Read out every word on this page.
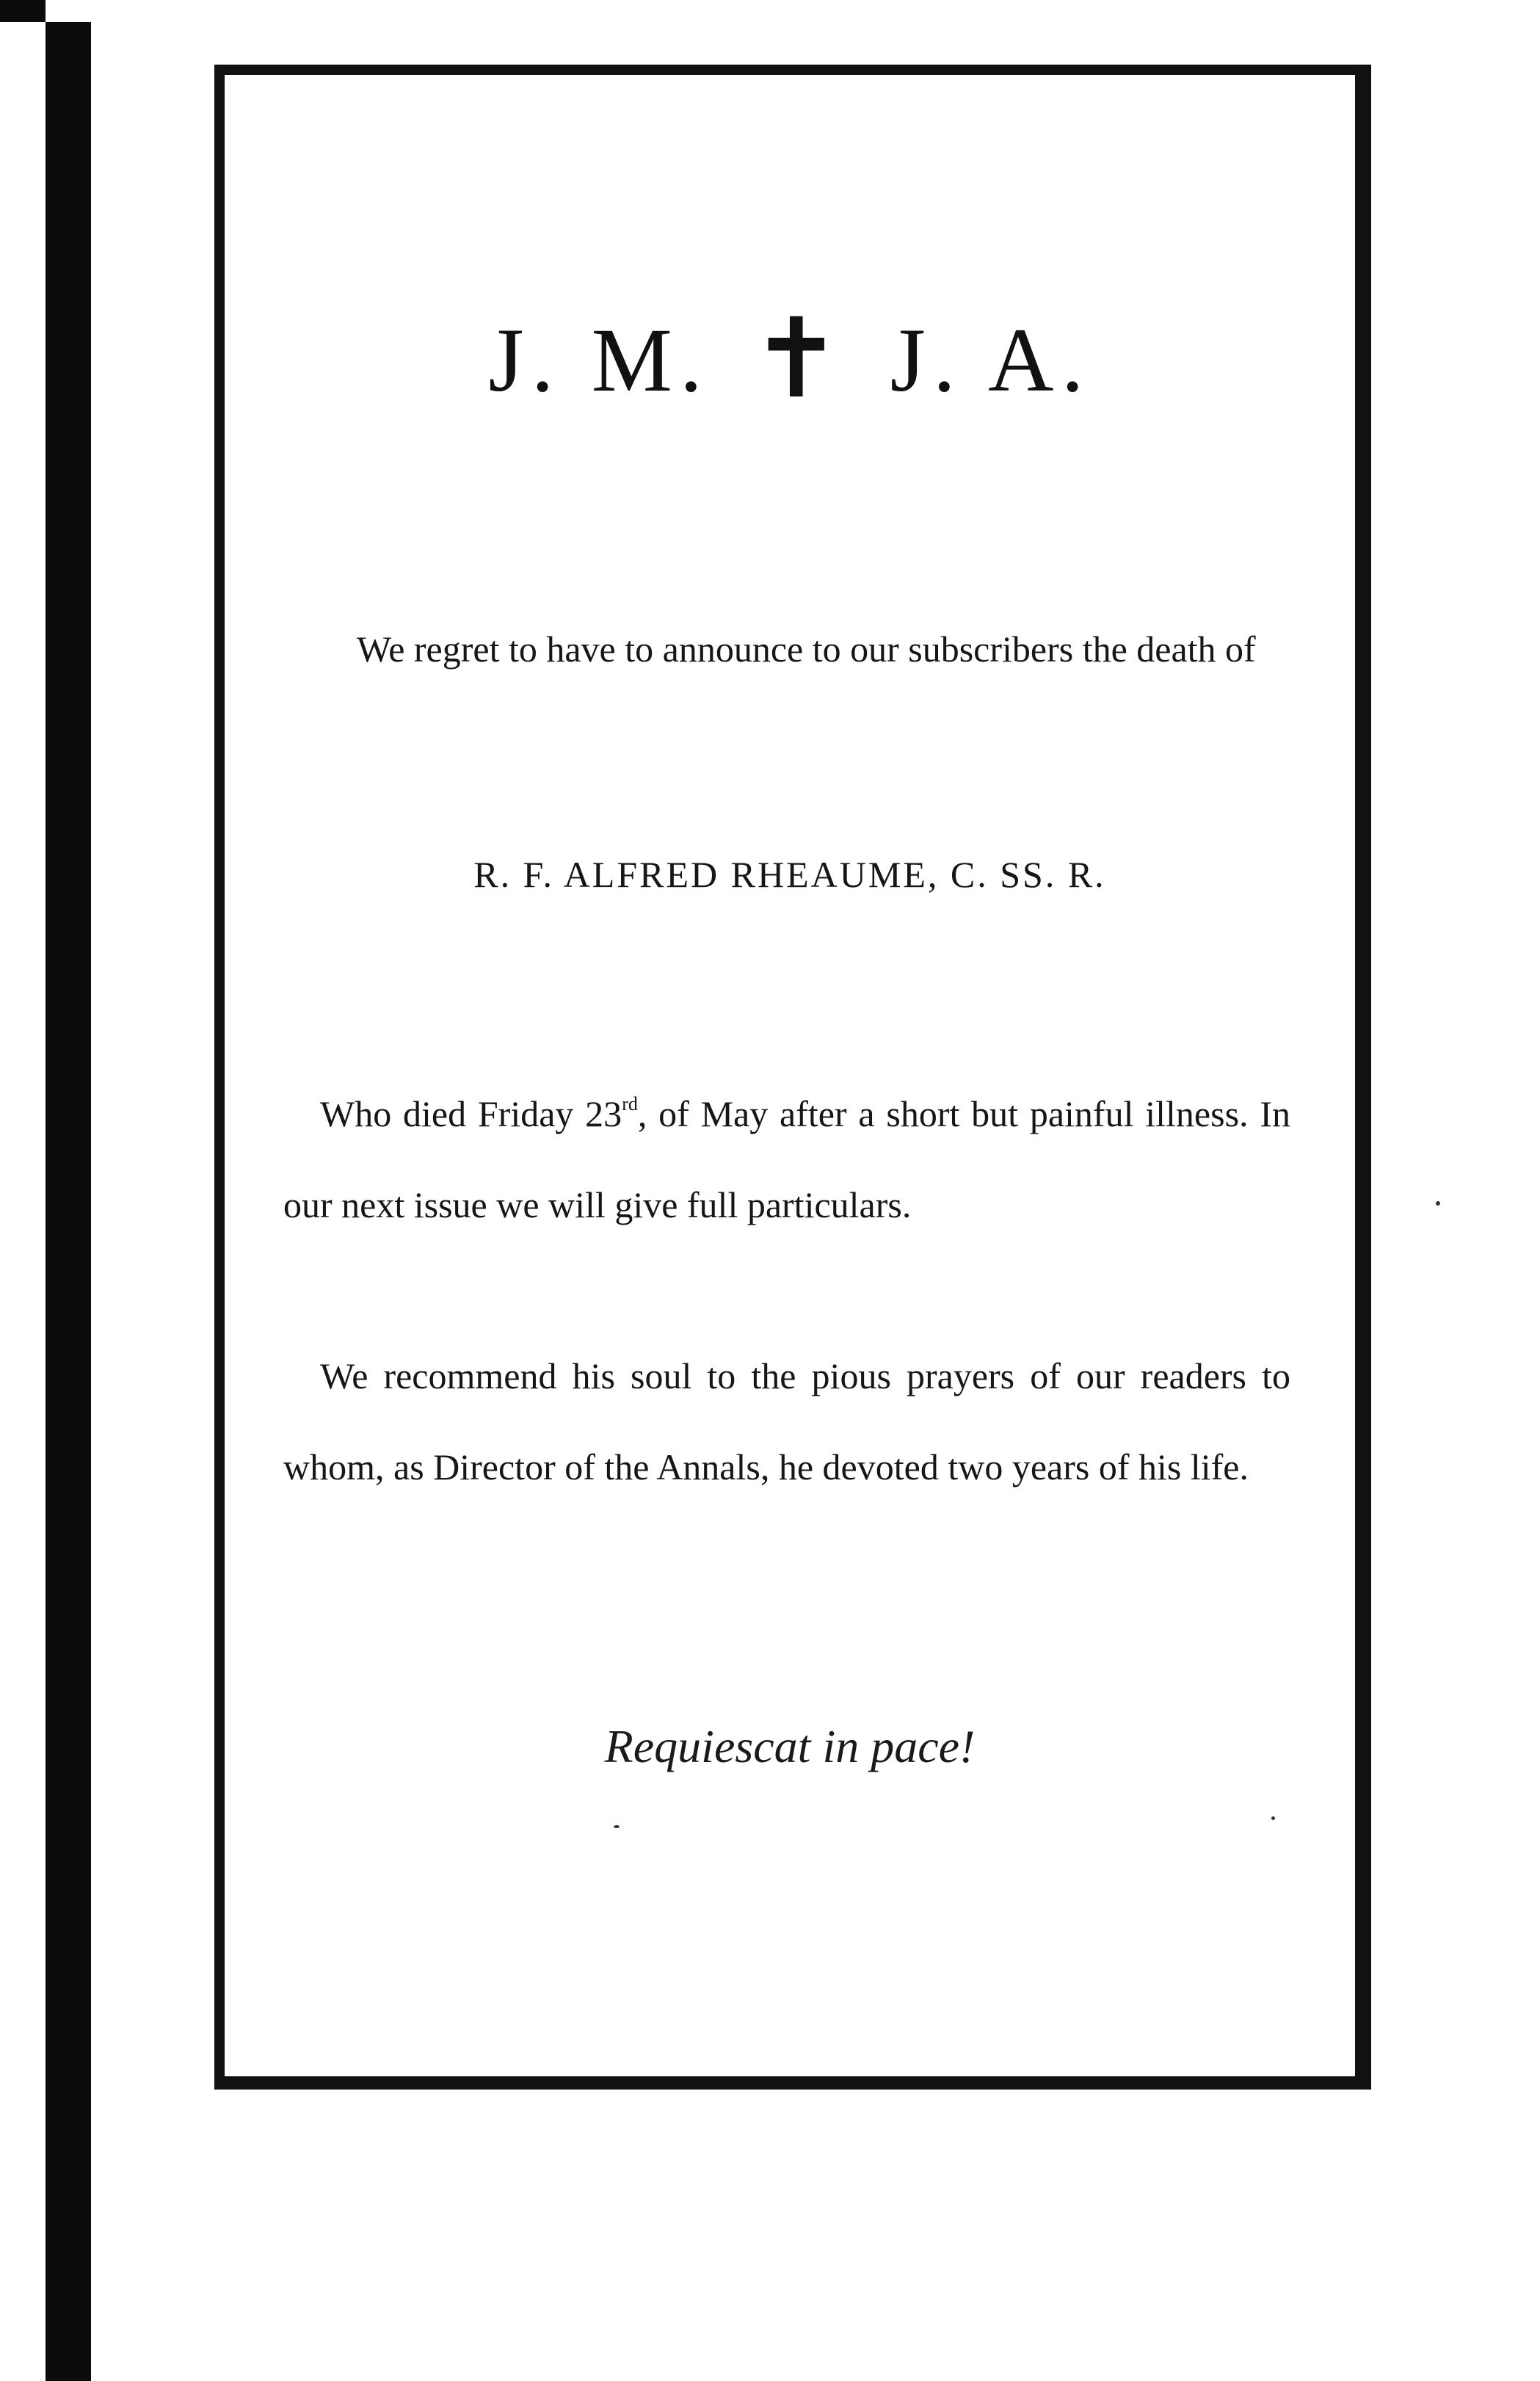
J. M. ✝ J. A.
We regret to have to announce to our subscribers the death of
R. F. ALFRED RHEAUME, C. SS. R.
Who died Friday 23rd, of May after a short but painful illness. In our next issue we will give full particulars.
We recommend his soul to the pious prayers of our readers to whom, as Director of the Annals, he devoted two years of his life.
Requiescat in pace!
